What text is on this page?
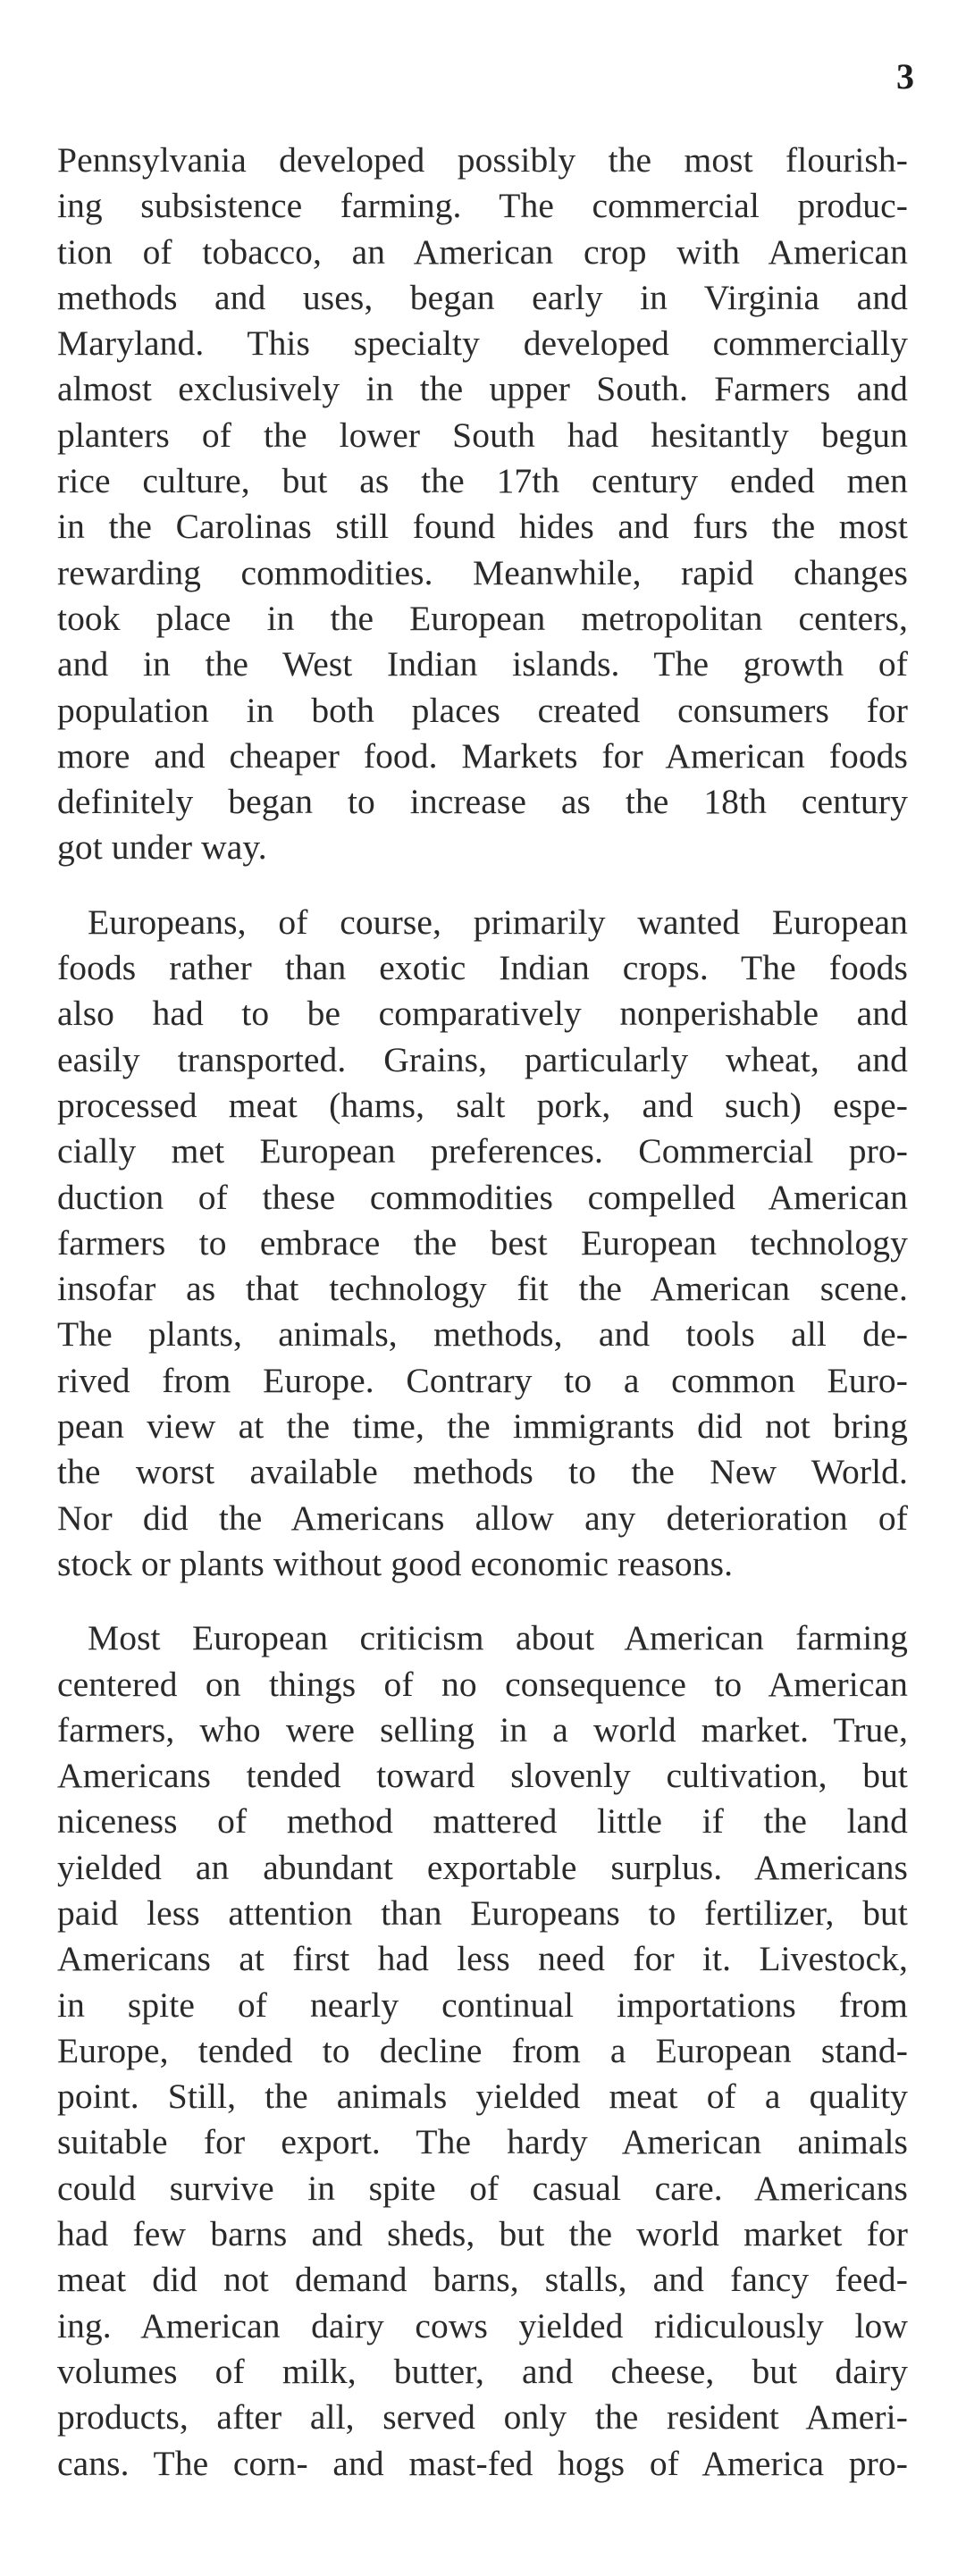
3
Pennsylvania developed possibly the most flourish-
ing subsistence farming. The commercial produc-
tion of tobacco, an American crop with American
methods and uses, began early in Virginia and
Maryland. This specialty developed commercially
almost exclusively in the upper South. Farmers and
planters of the lower South had hesitantly begun
rice culture, but as the 17th century ended men
in the Carolinas still found hides and furs the most
rewarding commodities. Meanwhile, rapid changes
took place in the European metropolitan centers,
and in the West Indian islands. The growth of
population in both places created consumers for
more and cheaper food. Markets for American foods
definitely began to increase as the 18th century
got under way.
Europeans, of course, primarily wanted European
foods rather than exotic Indian crops. The foods
also had to be comparatively nonperishable and
easily transported. Grains, particularly wheat, and
processed meat (hams, salt pork, and such) espe-
cially met European preferences. Commercial pro-
duction of these commodities compelled American
farmers to embrace the best European technology
insofar as that technology fit the American scene.
The plants, animals, methods, and tools all de-
rived from Europe. Contrary to a common Euro-
pean view at the time, the immigrants did not bring
the worst available methods to the New World.
Nor did the Americans allow any deterioration of
stock or plants without good economic reasons.
Most European criticism about American farming
centered on things of no consequence to American
farmers, who were selling in a world market. True,
Americans tended toward slovenly cultivation, but
niceness of method mattered little if the land
yielded an abundant exportable surplus. Americans
paid less attention than Europeans to fertilizer, but
Americans at first had less need for it. Livestock,
in spite of nearly continual importations from
Europe, tended to decline from a European stand-
point. Still, the animals yielded meat of a quality
suitable for export. The hardy American animals
could survive in spite of casual care. Americans
had few barns and sheds, but the world market for
meat did not demand barns, stalls, and fancy feed-
ing. American dairy cows yielded ridiculously low
volumes of milk, butter, and cheese, but dairy
products, after all, served only the resident Ameri-
cans. The corn- and mast-fed hogs of America pro-
